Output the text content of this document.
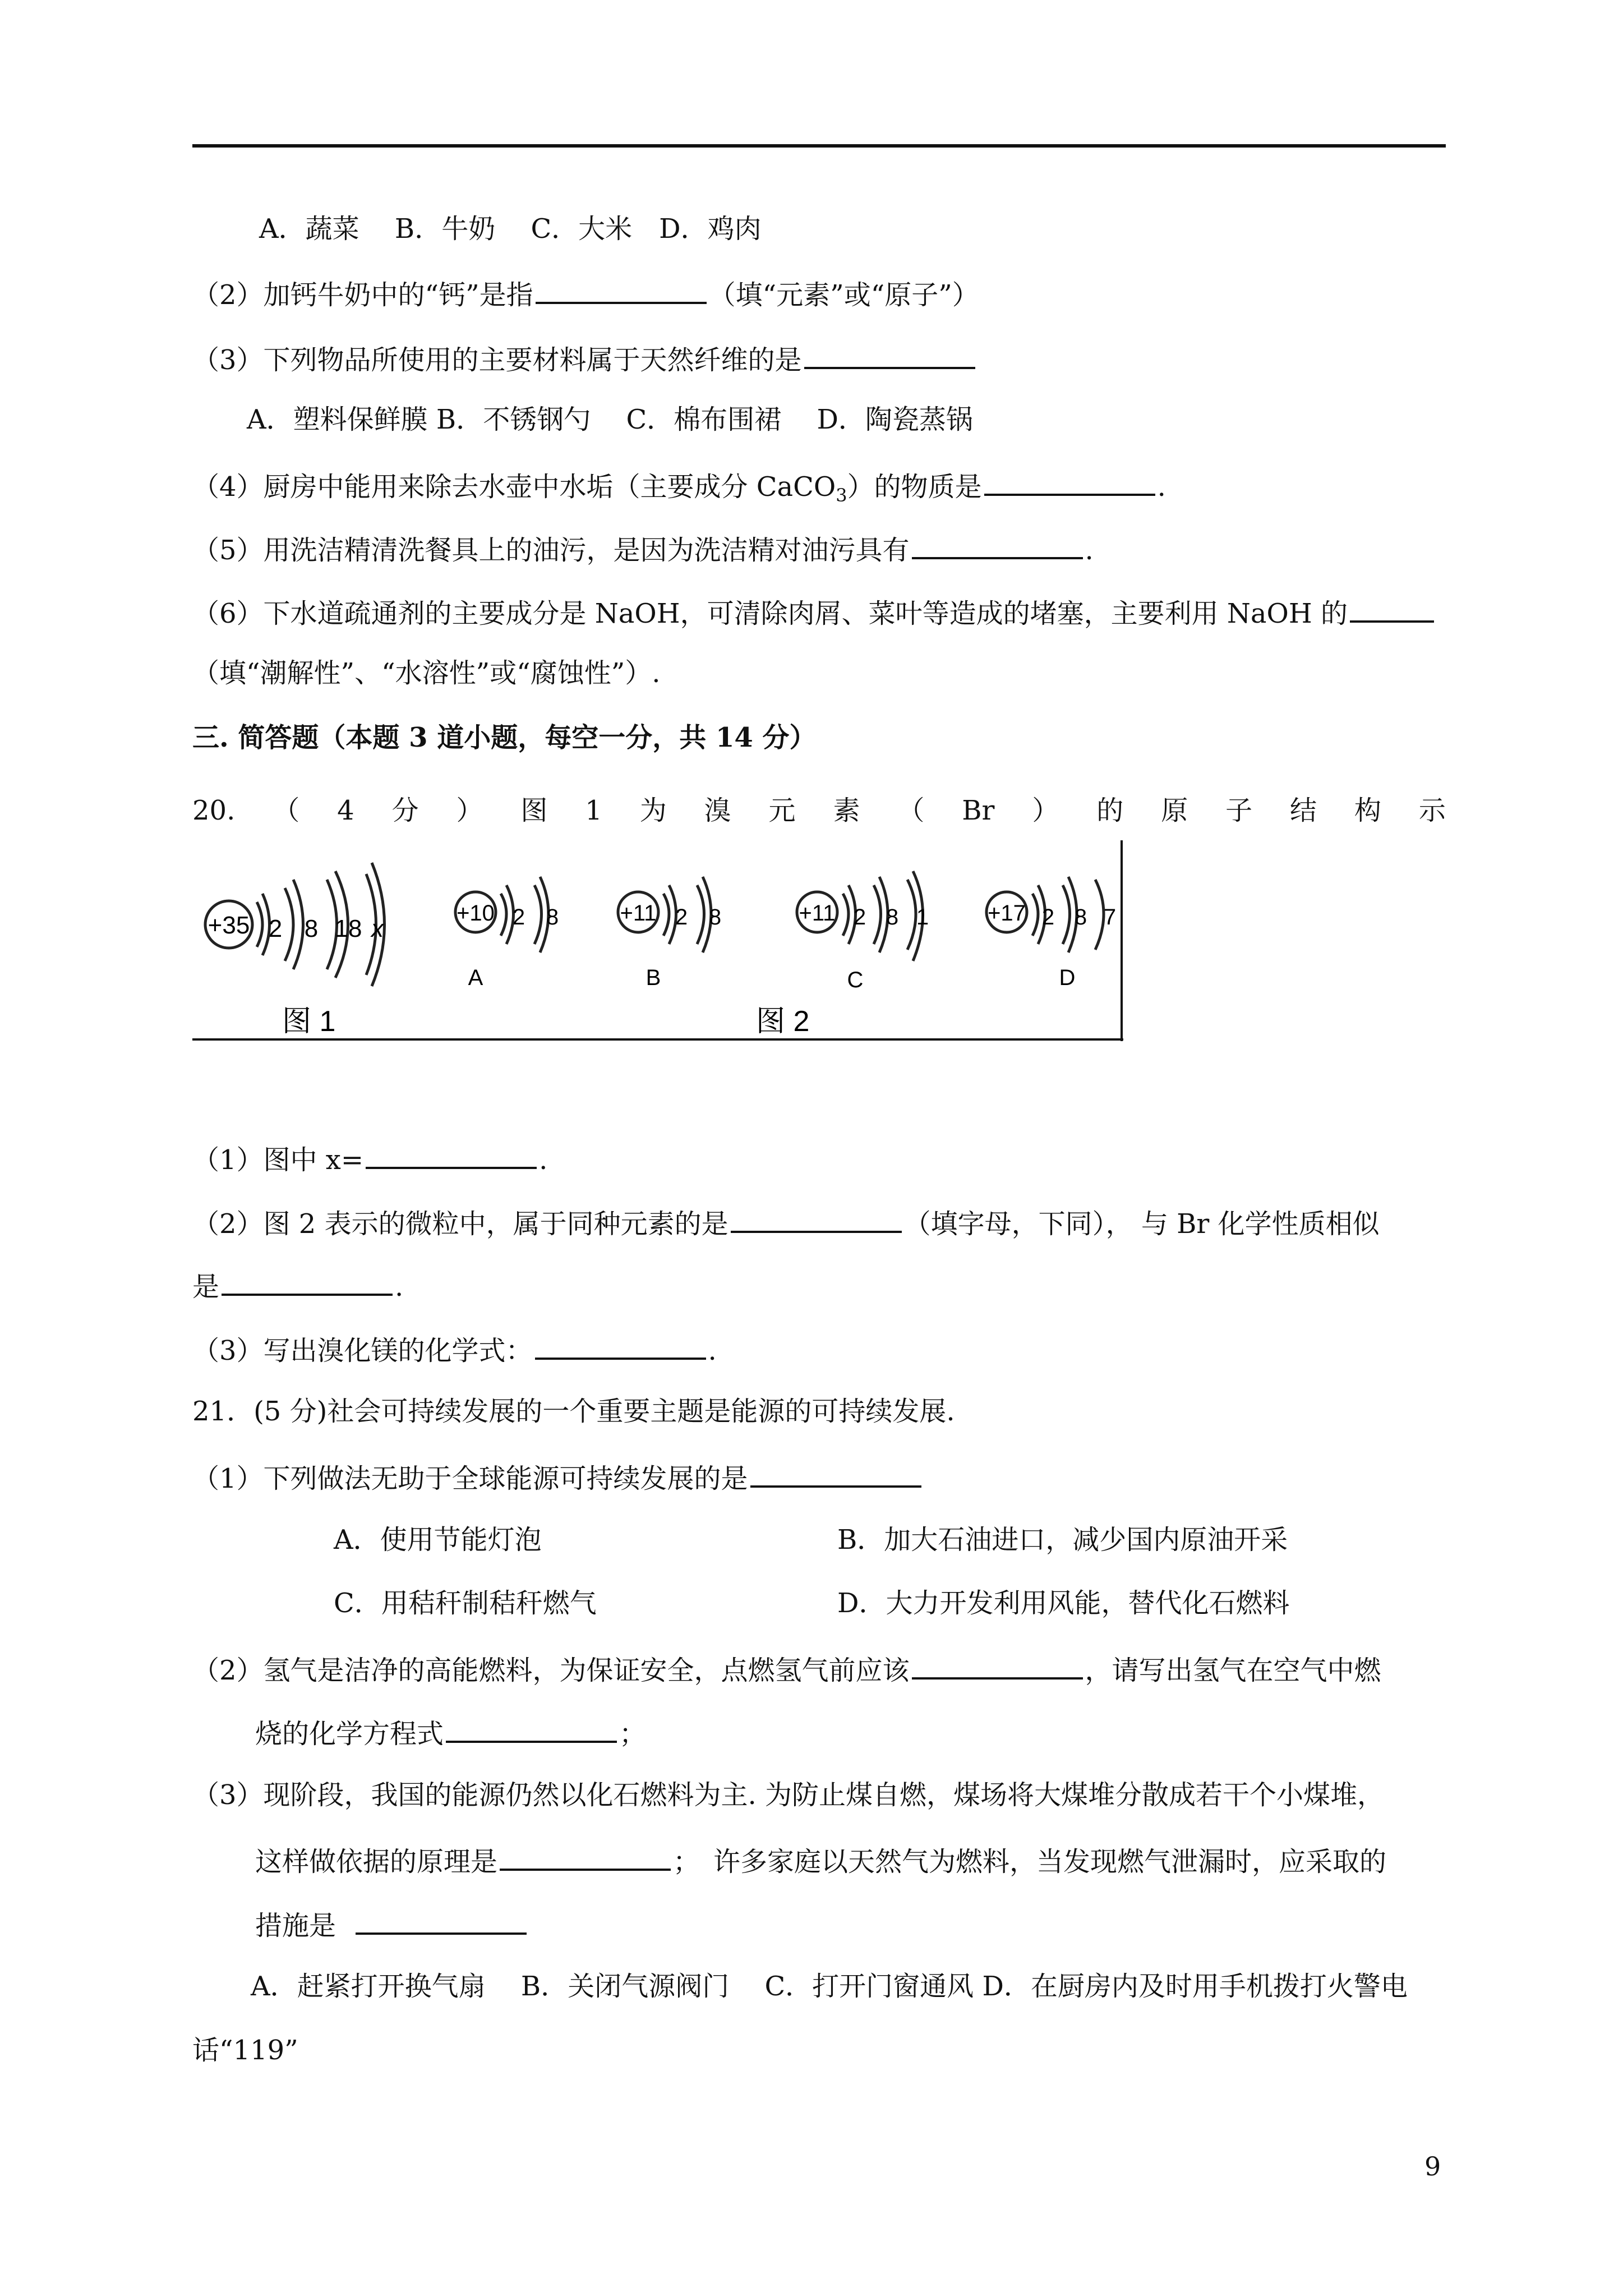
A．蔬菜　 B．牛奶　 C．大米　D．鸡肉
（2）加钙牛奶中的“钙”是指	（填“元素”或“原子”）
（3）下列物品所使用的主要材料属于天然纤维的是
A．塑料保鲜膜 B．不锈钢勺　 C．棉布围裙　 D．陶瓷蒸锅
（4）厨房中能用来除去水壶中水垢（主要成分 CaCO$_3$）的物质是	.
（5）用洗洁精清洗餐具上的油污，是因为洗洁精对油污具有	.
（6）下水道疏通剂的主要成分是 NaOH，可清除肉屑、菜叶等造成的堵塞，主要利用 NaOH 的
（填“潮解性”、“水溶性”或“腐蚀性”）.
三. 简答题（本题 3 道小题，每空一分，共 14 分）
20. （ 4 分 ） 图 1 为 溴 元 素 （ Br ） 的 原 子 结 构 示
+35 2 8 18 x
+10 2 8
A
+11 2 8
B
+11 2 8 1
C
+17 2 8 7
D
图 1	图 2
（1）图中 x=	.
（2）图 2 表示的微粒中，属于同种元素的是	（填字母，下同）， 与 Br 化学性质相似
是	.
（3）写出溴化镁的化学式：	.
21．(5 分)社会可持续发展的一个重要主题是能源的可持续发展.
（1）下列做法无助于全球能源可持续发展的是
A．使用节能灯泡	B．加大石油进口，减少国内原油开采
C．用秸秆制秸秆燃气	D．大力开发利用风能，替代化石燃料
（2）氢气是洁净的高能燃料，为保证安全，点燃氢气前应该	，请写出氢气在空气中燃
烧的化学方程式	；
（3）现阶段，我国的能源仍然以化石燃料为主. 为防止煤自燃，煤场将大煤堆分散成若干个小煤堆，
这样做依据的原理是	；　许多家庭以天然气为燃料，当发现燃气泄漏时，应采取的
措施是
A．赶紧打开换气扇　 B．关闭气源阀门　 C．打开门窗通风 D．在厨房内及时用手机拨打火警电
话“119”
9
